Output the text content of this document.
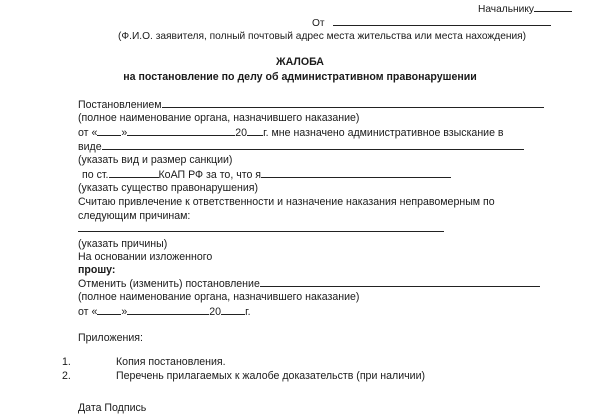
Начальнику
От
(Ф.И.О. заявителя, полный почтовый адрес места жительства или места нахождения)
ЖАЛОБА
на постановление по делу об административном правонарушении
Постановлением
(полное наименование органа, назначившего наказание)
от « »	20 г. мне назначено административное взыскание в
виде
(указать вид и размер санкции)
по ст.	КоАП РФ за то, что я
(указать существо правонарушения)
Считаю привлечение к ответственности и назначение наказания неправомерным по
следующим причинам:
(указать причины)
На основании изложенного
прошу:
Отменить (изменить) постановление
(полное наименование органа, назначившего наказание)
от « »	20 г.
Приложения:
1.	Копия постановления.
2.	Перечень прилагаемых к жалобе доказательств (при наличии)
Дата Подпись
